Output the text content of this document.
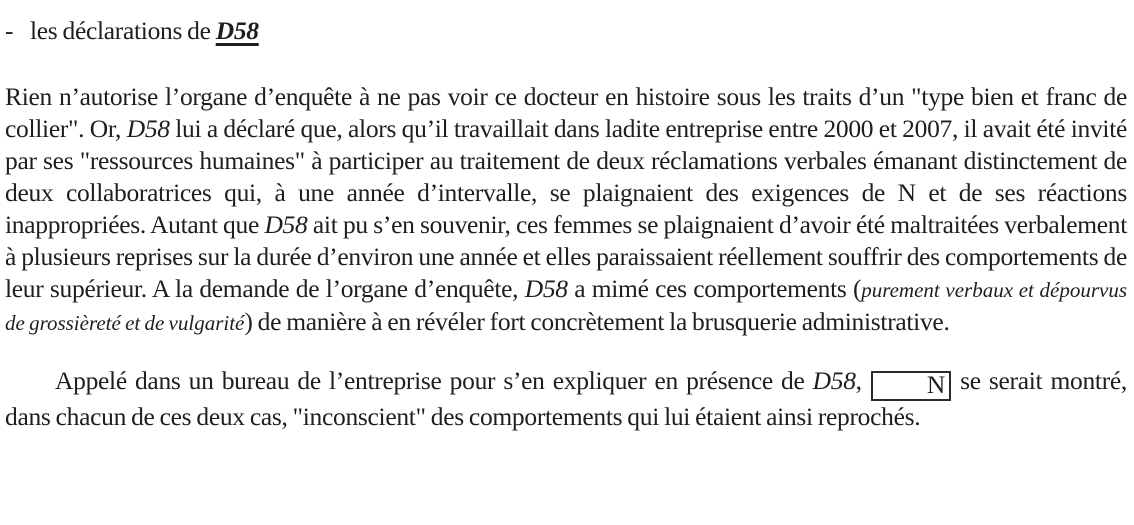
- les déclarations de D58

Rien n’autorise l’organe d’enquête à ne pas voir ce docteur en histoire sous les traits d’un "type bien et franc de collier". Or, D58 lui a déclaré que, alors qu’il travaillait dans ladite entreprise entre 2000 et 2007, il avait été invité par ses "ressources humaines" à participer au traitement de deux réclamations verbales émanant distinctement de deux collaboratrices qui, à une année d’intervalle, se plaignaient des exigences de N et de ses réactions inappropriées. Autant que D58 ait pu s’en souvenir, ces femmes se plaignaient d’avoir été maltraitées verbalement à plusieurs reprises sur la durée d’environ une année et elles paraissaient réellement souffrir des comportements de leur supérieur. A la demande de l’organe d’enquête, D58 a mimé ces comportements (purement verbaux et dépourvus de grossièreté et de vulgarité) de manière à en révéler fort concrètement la brusquerie administrative.

Appelé dans un bureau de l’entreprise pour s’en expliquer en présence de D58, N se serait montré, dans chacun de ces deux cas, "inconscient" des comportements qui lui étaient ainsi reprochés.
